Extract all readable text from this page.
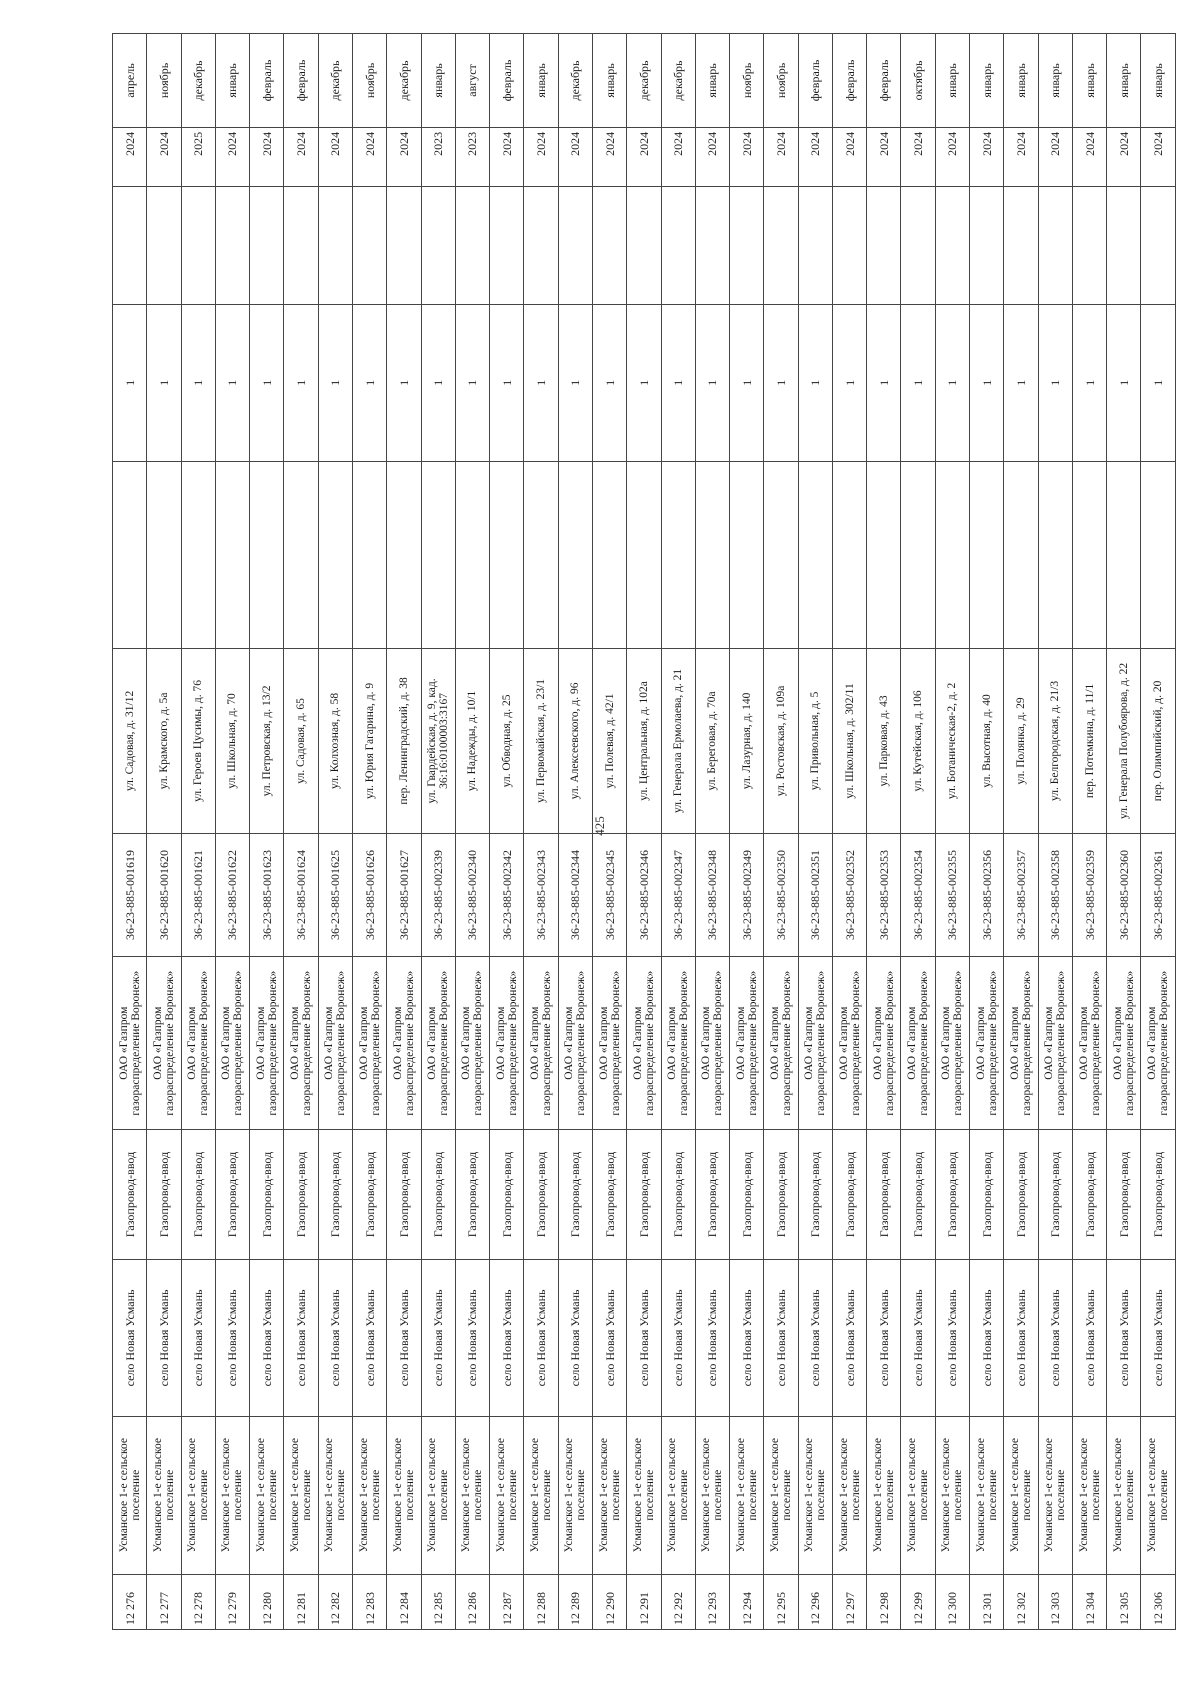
425
12 276	Усманское 1-е сельское поселение	село Новая Усмань	Газопровод-ввод	ОАО «Газпром газораспределение Воронеж»	36-23-885-001619	ул. Садовая, д. 31/12		1		2024	апрель
12 277	Усманское 1-е сельское поселение	село Новая Усмань	Газопровод-ввод	ОАО «Газпром газораспределение Воронеж»	36-23-885-001620	ул. Крамского, д. 5а		1		2024	ноябрь
12 278	Усманское 1-е сельское поселение	село Новая Усмань	Газопровод-ввод	ОАО «Газпром газораспределение Воронеж»	36-23-885-001621	ул. Героев Цусимы, д. 76		1		2025	декабрь
12 279	Усманское 1-е сельское поселение	село Новая Усмань	Газопровод-ввод	ОАО «Газпром газораспределение Воронеж»	36-23-885-001622	ул. Школьная, д. 70		1		2024	январь
12 280	Усманское 1-е сельское поселение	село Новая Усмань	Газопровод-ввод	ОАО «Газпром газораспределение Воронеж»	36-23-885-001623	ул. Петровская, д. 13/2		1		2024	февраль
12 281	Усманское 1-е сельское поселение	село Новая Усмань	Газопровод-ввод	ОАО «Газпром газораспределение Воронеж»	36-23-885-001624	ул. Садовая, д. 65		1		2024	февраль
12 282	Усманское 1-е сельское поселение	село Новая Усмань	Газопровод-ввод	ОАО «Газпром газораспределение Воронеж»	36-23-885-001625	ул. Колхозная, д. 58		1		2024	декабрь
12 283	Усманское 1-е сельское поселение	село Новая Усмань	Газопровод-ввод	ОАО «Газпром газораспределение Воронеж»	36-23-885-001626	ул. Юрия Гагарина, д. 9		1		2024	ноябрь
12 284	Усманское 1-е сельское поселение	село Новая Усмань	Газопровод-ввод	ОАО «Газпром газораспределение Воронеж»	36-23-885-001627	пер. Ленинградский, д. 38		1		2024	декабрь
12 285	Усманское 1-е сельское поселение	село Новая Усмань	Газопровод-ввод	ОАО «Газпром газораспределение Воронеж»	36-23-885-002339	ул. Гвардейская, д. 9, кад. 36:16:0100003:3167		1		2023	январь
12 286	Усманское 1-е сельское поселение	село Новая Усмань	Газопровод-ввод	ОАО «Газпром газораспределение Воронеж»	36-23-885-002340	ул. Надежды, д. 10/1		1		2023	август
12 287	Усманское 1-е сельское поселение	село Новая Усмань	Газопровод-ввод	ОАО «Газпром газораспределение Воронеж»	36-23-885-002342	ул. Обводная, д. 25		1		2024	февраль
12 288	Усманское 1-е сельское поселение	село Новая Усмань	Газопровод-ввод	ОАО «Газпром газораспределение Воронеж»	36-23-885-002343	ул. Первомайская, д. 23/1		1		2024	январь
12 289	Усманское 1-е сельское поселение	село Новая Усмань	Газопровод-ввод	ОАО «Газпром газораспределение Воронеж»	36-23-885-002344	ул. Алексеевского, д. 96		1		2024	декабрь
12 290	Усманское 1-е сельское поселение	село Новая Усмань	Газопровод-ввод	ОАО «Газпром газораспределение Воронеж»	36-23-885-002345	ул. Полевая, д. 42/1		1		2024	январь
12 291	Усманское 1-е сельское поселение	село Новая Усмань	Газопровод-ввод	ОАО «Газпром газораспределение Воронеж»	36-23-885-002346	ул. Центральная, д. 102а		1		2024	декабрь
12 292	Усманское 1-е сельское поселение	село Новая Усмань	Газопровод-ввод	ОАО «Газпром газораспределение Воронеж»	36-23-885-002347	ул. Генерала Ермолаева, д. 21		1		2024	декабрь
12 293	Усманское 1-е сельское поселение	село Новая Усмань	Газопровод-ввод	ОАО «Газпром газораспределение Воронеж»	36-23-885-002348	ул. Береговая, д. 70а		1		2024	январь
12 294	Усманское 1-е сельское поселение	село Новая Усмань	Газопровод-ввод	ОАО «Газпром газораспределение Воронеж»	36-23-885-002349	ул. Лазурная, д. 140		1		2024	ноябрь
12 295	Усманское 1-е сельское поселение	село Новая Усмань	Газопровод-ввод	ОАО «Газпром газораспределение Воронеж»	36-23-885-002350	ул. Ростовская, д. 109а		1		2024	ноябрь
12 296	Усманское 1-е сельское поселение	село Новая Усмань	Газопровод-ввод	ОАО «Газпром газораспределение Воронеж»	36-23-885-002351	ул. Привольная, д. 5		1		2024	февраль
12 297	Усманское 1-е сельское поселение	село Новая Усмань	Газопровод-ввод	ОАО «Газпром газораспределение Воронеж»	36-23-885-002352	ул. Школьная, д. 302/11		1		2024	февраль
12 298	Усманское 1-е сельское поселение	село Новая Усмань	Газопровод-ввод	ОАО «Газпром газораспределение Воронеж»	36-23-885-002353	ул. Парковая, д. 43		1		2024	февраль
12 299	Усманское 1-е сельское поселение	село Новая Усмань	Газопровод-ввод	ОАО «Газпром газораспределение Воронеж»	36-23-885-002354	ул. Кутейская, д. 106		1		2024	октябрь
12 300	Усманское 1-е сельское поселение	село Новая Усмань	Газопровод-ввод	ОАО «Газпром газораспределение Воронеж»	36-23-885-002355	ул. Ботаническая-2, д. 2		1		2024	январь
12 301	Усманское 1-е сельское поселение	село Новая Усмань	Газопровод-ввод	ОАО «Газпром газораспределение Воронеж»	36-23-885-002356	ул. Высотная, д. 40		1		2024	январь
12 302	Усманское 1-е сельское поселение	село Новая Усмань	Газопровод-ввод	ОАО «Газпром газораспределение Воронеж»	36-23-885-002357	ул. Полянка, д. 29		1		2024	январь
12 303	Усманское 1-е сельское поселение	село Новая Усмань	Газопровод-ввод	ОАО «Газпром газораспределение Воронеж»	36-23-885-002358	ул. Белгородская, д. 21/3		1		2024	январь
12 304	Усманское 1-е сельское поселение	село Новая Усмань	Газопровод-ввод	ОАО «Газпром газораспределение Воронеж»	36-23-885-002359	пер. Потемкина, д. 11/1		1		2024	январь
12 305	Усманское 1-е сельское поселение	село Новая Усмань	Газопровод-ввод	ОАО «Газпром газораспределение Воронеж»	36-23-885-002360	ул. Генерала Полубоярова, д. 22		1		2024	январь
12 306	Усманское 1-е сельское поселение	село Новая Усмань	Газопровод-ввод	ОАО «Газпром газораспределение Воронеж»	36-23-885-002361	пер. Олимпийский, д. 20		1		2024	январь
